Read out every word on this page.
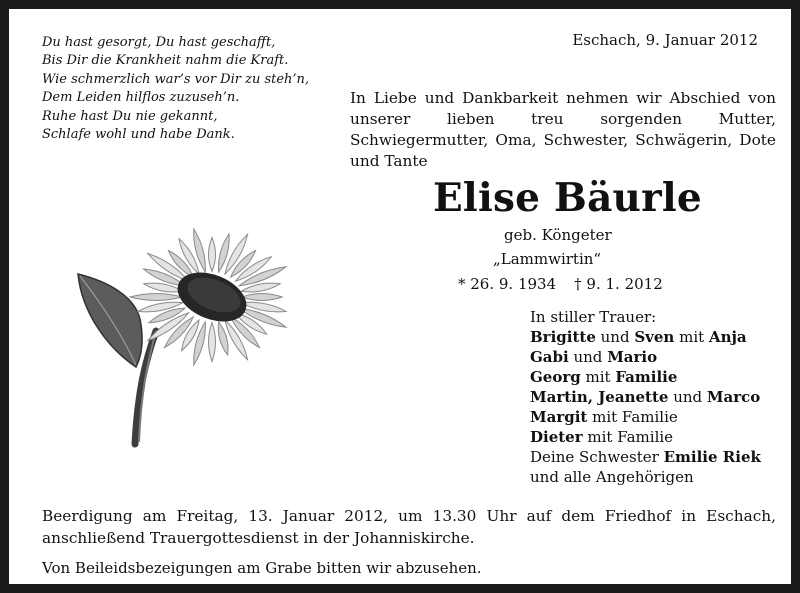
Du hast gesorgt, Du hast geschafft,
Bis Dir die Krankheit nahm die Kraft.
Wie schmerzlich war’s vor Dir zu steh’n,
Dem Leiden hilflos zuzuseh’n.
Ruhe hast Du nie gekannt,
Schlafe wohl und habe Dank.
Eschach, 9. Januar 2012
In Liebe und Dankbarkeit nehmen wir Abschied von unserer lieben treu sorgenden Mutter, Schwiegermutter, Oma, Schwester, Schwägerin, Dote und Tante
Elise Bäurle
geb. Köngeter
„Lammwirtin“
* 26. 9. 1934 † 9. 1. 2012
In stiller Trauer:
Brigitte und Sven mit Anja
Gabi und Mario
Georg mit Familie
Martin, Jeanette und Marco
Margit mit Familie
Dieter mit Familie
Deine Schwester Emilie Riek
und alle Angehörigen
Beerdigung am Freitag, 13. Januar 2012, um 13.30 Uhr auf dem Friedhof in Eschach, anschließend Trauergottesdienst in der Johanniskirche.
Von Beileidsbezeigungen am Grabe bitten wir abzusehen.
